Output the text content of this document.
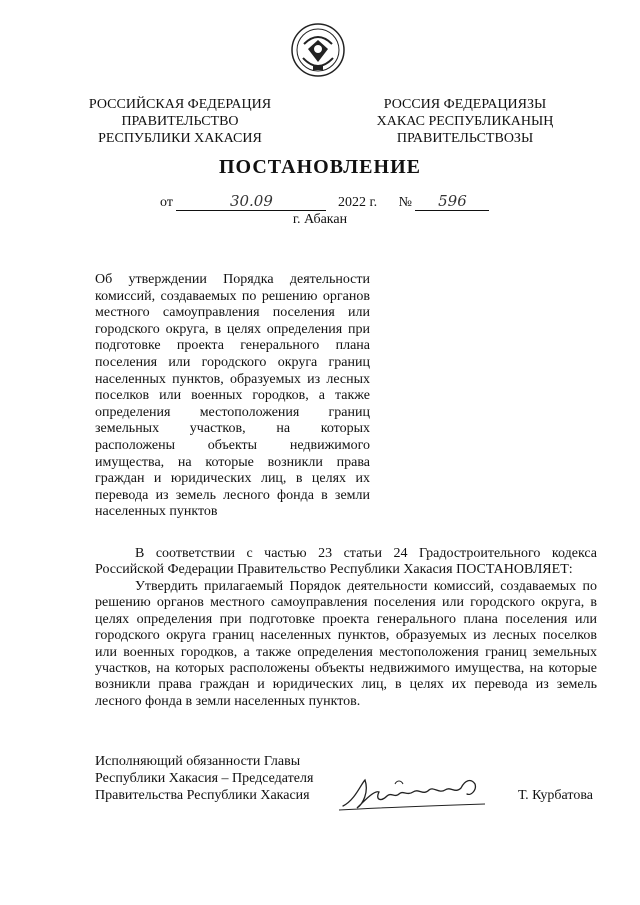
РОССИЙСКАЯ ФЕДЕРАЦИЯ
ПРАВИТЕЛЬСТВО
РЕСПУБЛИКИ ХАКАСИЯ
РОССИЯ ФЕДЕРАЦИЯЗЫ
ХАКАС РЕСПУБЛИКАНЫҢ
ПРАВИТЕЛЬСТВОЗЫ
ПОСТАНОВЛЕНИЕ
от	30.09	2022 г. № 596
г. Абакан
Об утверждении Порядка деятельности комиссий, создаваемых по решению органов местного самоуправления поселения или городского округа, в целях определения при подготовке проекта генерального плана поселения или городского округа границ населенных пунктов, образуемых из лесных поселков или военных городков, а также определения местоположения границ земельных участков, на которых расположены объекты недвижимого имущества, на которые возникли права граждан и юридических лиц, в целях их перевода из земель лесного фонда в земли населенных пунктов
В соответствии с частью 23 статьи 24 Градостроительного кодекса Российской Федерации Правительство Республики Хакасия ПОСТАНОВЛЯЕТ:
Утвердить прилагаемый Порядок деятельности комиссий, создаваемых по решению органов местного самоуправления поселения или городского округа, в целях определения при подготовке проекта генерального плана поселения или городского округа границ населенных пунктов, образуемых из лесных поселков или военных городков, а также определения местоположения границ земельных участков, на которых расположены объекты недвижимого имущества, на которые возникли права граждан и юридических лиц, в целях их перевода из земель лесного фонда в земли населенных пунктов.
Исполняющий обязанности Главы
Республики Хакасия – Председателя
Правительства Республики Хакасия	Т. Курбатова
